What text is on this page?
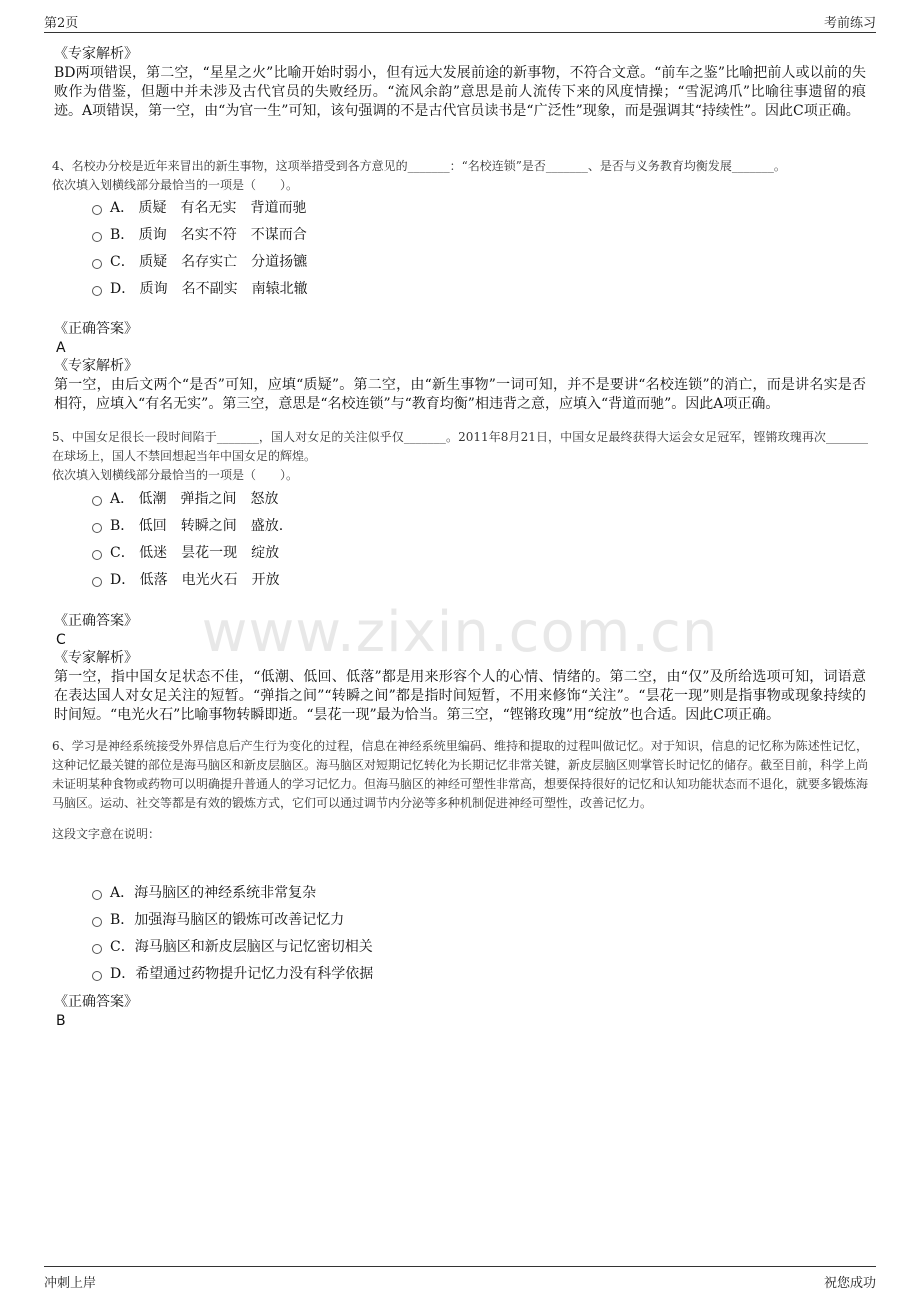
第2页	考前练习
www.zixin.com.cn
《专家解析》
BD两项错误，第二空，“星星之火”比喻开始时弱小，但有远大发展前途的新事物，不符合文意。“前车之鉴”比喻把前人或以前的失败作为借鉴，但题中并未涉及古代官员的失败经历。“流风余韵”意思是前人流传下来的风度情操；“雪泥鸿爪”比喻往事遗留的痕迹。A项错误，第一空，由“为官一生”可知，该句强调的不是古代官员读书是“广泛性”现象，而是强调其“持续性”。因此C项正确。
4、名校办分校是近年来冒出的新生事物，这项举措受到各方意见的_______：“名校连锁”是否_______、是否与义务教育均衡发展_______。
依次填入划横线部分最恰当的一项是（　　）。
A． 质疑　有名无实　背道而驰
B． 质询　名实不符　不谋而合
C． 质疑　名存实亡　分道扬镳
D． 质询　名不副实　南辕北辙
《正确答案》
A
《专家解析》
第一空，由后文两个“是否”可知，应填“质疑”。第二空，由“新生事物”一词可知，并不是要讲“名校连锁”的消亡，而是讲名实是否相符，应填入“有名无实”。第三空，意思是“名校连锁”与“教育均衡”相违背之意，应填入“背道而驰”。因此A项正确。
5、中国女足很长一段时间陷于_______，国人对女足的关注似乎仅_______。2011年8月21日，中国女足最终获得大运会女足冠军，铿锵玫瑰再次_______在球场上，国人不禁回想起当年中国女足的辉煌。
依次填入划横线部分最恰当的一项是（　　）。
A． 低潮　弹指之间　怒放
B． 低回　转瞬之间　盛放.
C． 低迷　昙花一现　绽放
D． 低落　电光火石　开放
《正确答案》
C
《专家解析》
第一空，指中国女足状态不佳，“低潮、低回、低落”都是用来形容个人的心情、情绪的。第二空，由“仅”及所给选项可知，词语意在表达国人对女足关注的短暂。“弹指之间”“转瞬之间”都是指时间短暂，不用来修饰“关注”。“昙花一现”则是指事物或现象持续的时间短。“电光火石”比喻事物转瞬即逝。“昙花一现”最为恰当。第三空，“铿锵玫瑰”用“绽放”也合适。因此C项正确。
6、学习是神经系统接受外界信息后产生行为变化的过程，信息在神经系统里编码、维持和提取的过程叫做记忆。对于知识，信息的记忆称为陈述性记忆，这种记忆最关键的部位是海马脑区和新皮层脑区。海马脑区对短期记忆转化为长期记忆非常关键，新皮层脑区则掌管长时记忆的储存。截至目前，科学上尚未证明某种食物或药物可以明确提升普通人的学习记忆力。但海马脑区的神经可塑性非常高，想要保持很好的记忆和认知功能状态而不退化，就要多锻炼海马脑区。运动、社交等都是有效的锻炼方式，它们可以通过调节内分泌等多种机制促进神经可塑性，改善记忆力。
这段文字意在说明：
A．海马脑区的神经系统非常复杂
B．加强海马脑区的锻炼可改善记忆力
C．海马脑区和新皮层脑区与记忆密切相关
D．希望通过药物提升记忆力没有科学依据
《正确答案》
B
冲刺上岸	祝您成功
